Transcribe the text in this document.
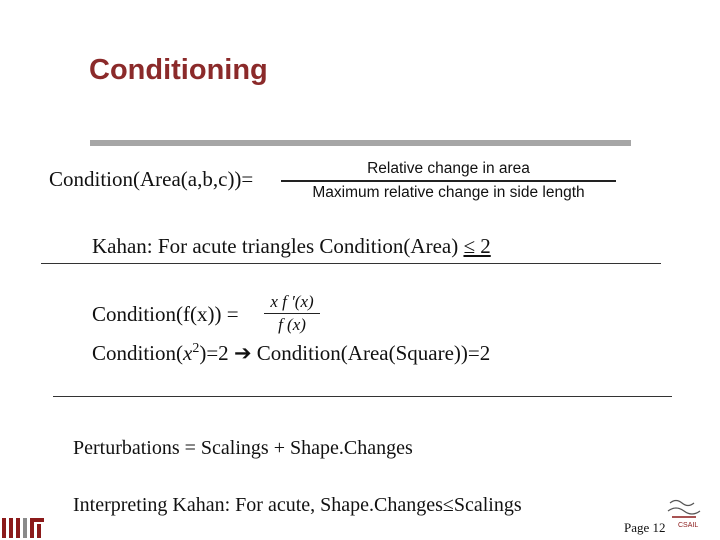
Conditioning
Condition(Area(a,b,c))=	Relative change in area
Maximum relative change in side length
Kahan: For acute triangles Condition(Area) ≤ 2
Condition(f(x)) =
x f ′(x)
f (x)
$Condition(x^2)=2$ ➔ Condition(Area(Square))=2
Perturbations = Scalings + Shape.Changes
Interpreting Kahan: For acute, Shape.Changes≤Scalings
CSAIL
Page 12
